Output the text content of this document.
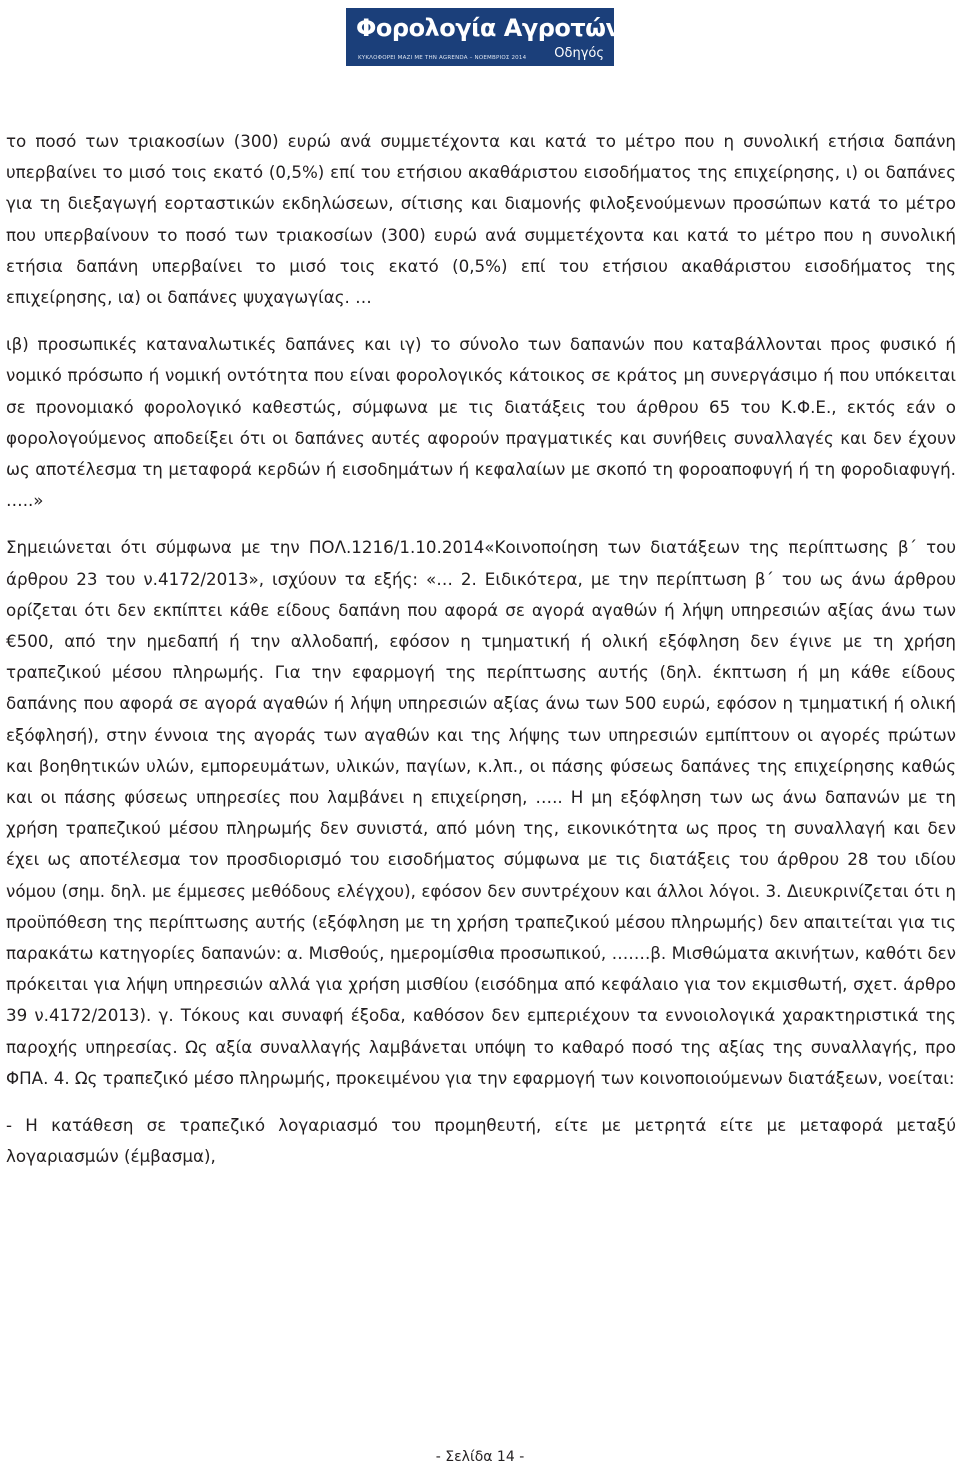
Φορολογία Αγροτών
ΚΥΚΛΟΦΟΡΕΙ ΜΑΖΙ ΜΕ ΤΗΝ AGRENDA – ΝΟΕΜΒΡΙΟΣ 2014 Οδηγός

το ποσό των τριακοσίων (300) ευρώ ανά συμμετέχοντα και κατά το μέτρο που η συνολική ετήσια δαπάνη υπερβαίνει το μισό τοις εκατό (0,5%) επί του ετήσιου ακαθάριστου εισοδήματος της επιχείρησης, ι) οι δαπάνες για τη διεξαγωγή εορταστικών εκδηλώσεων, σίτισης και διαμονής φιλοξενούμενων προσώπων κατά το μέτρο που υπερβαίνουν το ποσό των τριακοσίων (300) ευρώ ανά συμμετέχοντα και κατά το μέτρο που η συνολική ετήσια δαπάνη υπερβαίνει το μισό τοις εκατό (0,5%) επί του ετήσιου ακαθάριστου εισοδήματος της επιχείρησης, ια) οι δαπάνες ψυχαγωγίας. …

ιβ) προσωπικές καταναλωτικές δαπάνες και ιγ) το σύνολο των δαπανών που καταβάλλονται προς φυσικό ή νομικό πρόσωπο ή νομική οντότητα που είναι φορολογικός κάτοικος σε κράτος μη συνεργάσιμο ή που υπόκειται σε προνομιακό φορολογικό καθεστώς, σύμφωνα με τις διατάξεις του άρθρου 65 του Κ.Φ.Ε., εκτός εάν ο φορολογούμενος αποδείξει ότι οι δαπάνες αυτές αφορούν πραγματικές και συνήθεις συναλλαγές και δεν έχουν ως αποτέλεσμα τη μεταφορά κερδών ή εισοδημάτων ή κεφαλαίων με σκοπό τη φοροαποφυγή ή τη φοροδιαφυγή. …..»

Σημειώνεται ότι σύμφωνα με την ΠΟΛ.1216/1.10.2014«Κοινοποίηση των διατάξεων της περίπτωσης β΄ του άρθρου 23 του ν.4172/2013», ισχύουν τα εξής: «… 2. Ειδικότερα, με την περίπτωση β΄ του ως άνω άρθρου ορίζεται ότι δεν εκπίπτει κάθε είδους δαπάνη που αφορά σε αγορά αγαθών ή λήψη υπηρεσιών αξίας άνω των €500, από την ημεδαπή ή την αλλοδαπή, εφόσον η τμηματική ή ολική εξόφληση δεν έγινε με τη χρήση τραπεζικού μέσου πληρωμής. Για την εφαρμογή της περίπτωσης αυτής (δηλ. έκπτωση ή μη κάθε είδους δαπάνης που αφορά σε αγορά αγαθών ή λήψη υπηρεσιών αξίας άνω των 500 ευρώ, εφόσον η τμηματική ή ολική εξόφλησή), στην έννοια της αγοράς των αγαθών και της λήψης των υπηρεσιών εμπίπτουν οι αγορές πρώτων και βοηθητικών υλών, εμπορευμάτων, υλικών, παγίων, κ.λπ., οι πάσης φύσεως δαπάνες της επιχείρησης καθώς και οι πάσης φύσεως υπηρεσίες που λαμβάνει η επιχείρηση, ….. Η μη εξόφληση των ως άνω δαπανών με τη χρήση τραπεζικού μέσου πληρωμής δεν συνιστά, από μόνη της, εικονικότητα ως προς τη συναλλαγή και δεν έχει ως αποτέλεσμα τον προσδιορισμό του εισοδήματος σύμφωνα με τις διατάξεις του άρθρου 28 του ιδίου νόμου (σημ. δηλ. με έμμεσες μεθόδους ελέγχου), εφόσον δεν συντρέχουν και άλλοι λόγοι. 3. Διευκρινίζεται ότι η προϋπόθεση της περίπτωσης αυτής (εξόφληση με τη χρήση τραπεζικού μέσου πληρωμής) δεν απαιτείται για τις παρακάτω κατηγορίες δαπανών: α. Μισθούς, ημερομίσθια προσωπικού, …….β. Μισθώματα ακινήτων, καθότι δεν πρόκειται για λήψη υπηρεσιών αλλά για χρήση μισθίου (εισόδημα από κεφάλαιο για τον εκμισθωτή, σχετ. άρθρο 39 ν.4172/2013). γ. Τόκους και συναφή έξοδα, καθόσον δεν εμπεριέχουν τα εννοιολογικά χαρακτηριστικά της παροχής υπηρεσίας. Ως αξία συναλλαγής λαμβάνεται υπόψη το καθαρό ποσό της αξίας της συναλλαγής, προ ΦΠΑ. 4. Ως τραπεζικό μέσο πληρωμής, προκειμένου για την εφαρμογή των κοινοποιούμενων διατάξεων, νοείται:

- Η κατάθεση σε τραπεζικό λογαριασμό του προμηθευτή, είτε με μετρητά είτε με μεταφορά μεταξύ λογαριασμών (έμβασμα),

- Σελίδα 14 -
